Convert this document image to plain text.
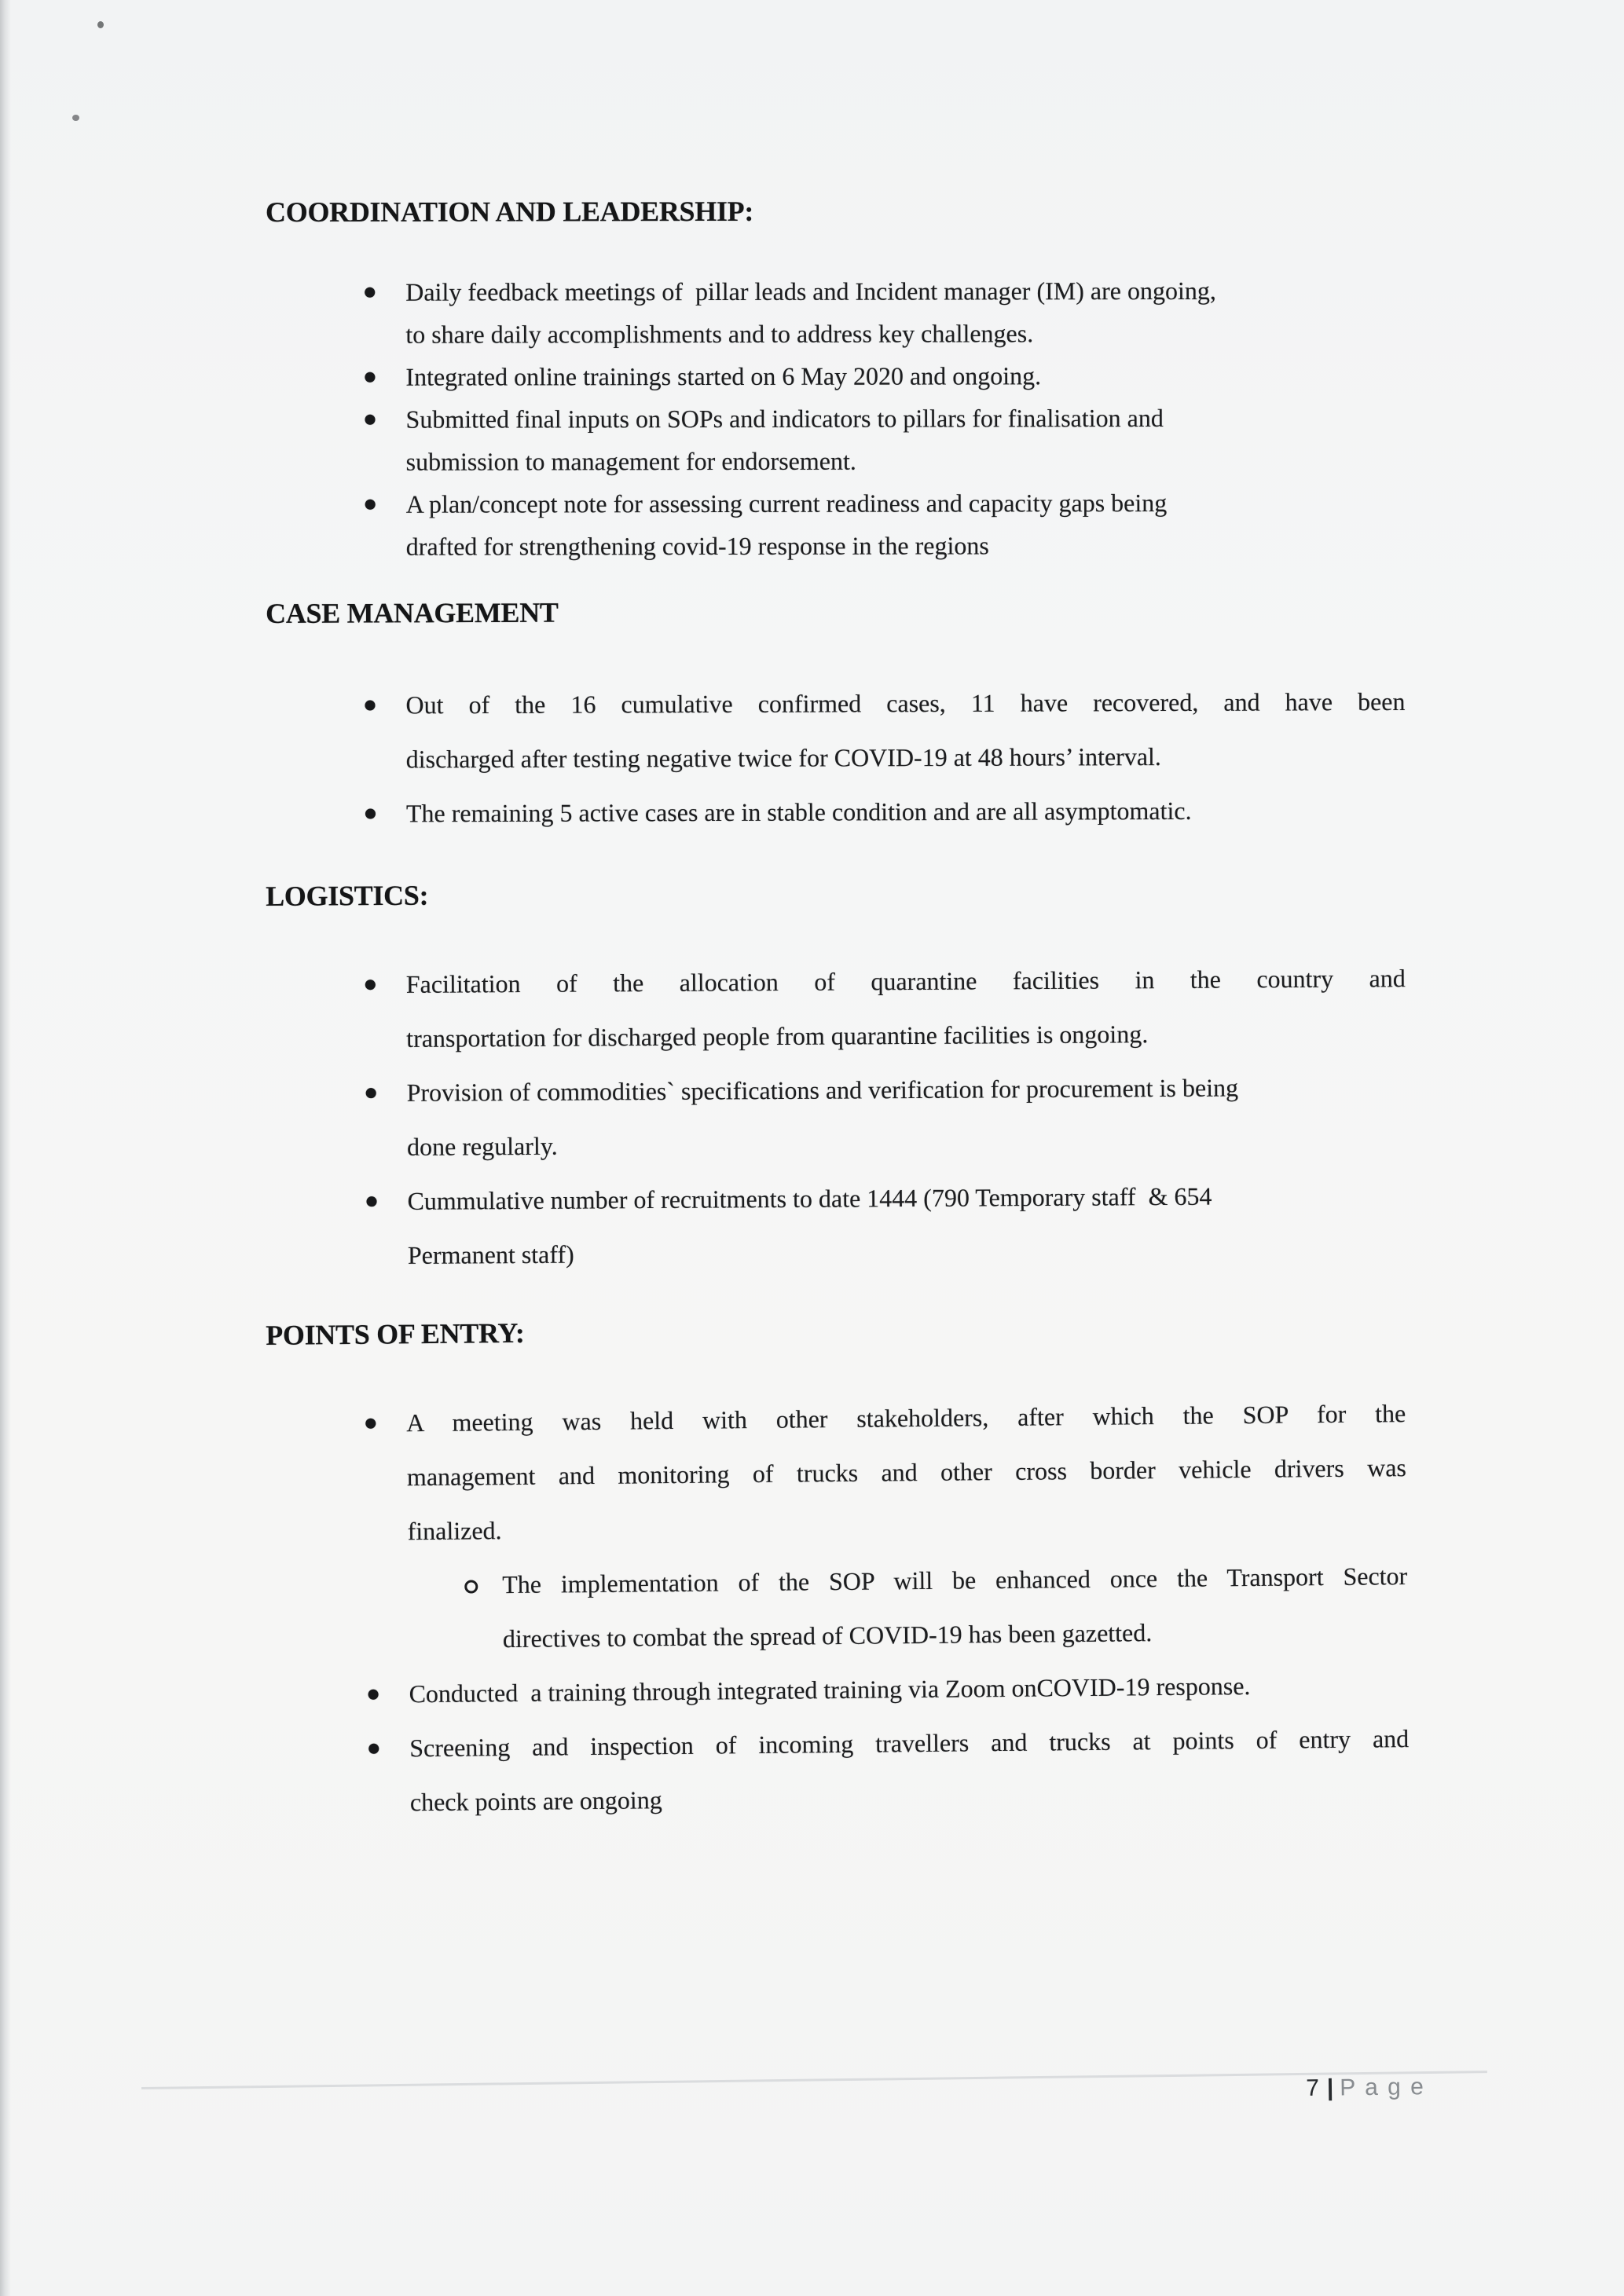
COORDINATION AND LEADERSHIP:
Daily feedback meetings of  pillar leads and Incident manager (IM) are ongoing,
to share daily accomplishments and to address key challenges.
Integrated online trainings started on 6 May 2020 and ongoing.
Submitted final inputs on SOPs and indicators to pillars for finalisation and
submission to management for endorsement.
A plan/concept note for assessing current readiness and capacity gaps being
drafted for strengthening covid-19 response in the regions
CASE MANAGEMENT
Out of the 16 cumulative confirmed cases, 11 have recovered, and have been
discharged after testing negative twice for COVID-19 at 48 hours’ interval.
The remaining 5 active cases are in stable condition and are all asymptomatic.
LOGISTICS:
Facilitation of the allocation of quarantine facilities in the country and
transportation for discharged people from quarantine facilities is ongoing.
Provision of commodities` specifications and verification for procurement is being
done regularly.
Cummulative number of recruitments to date 1444 (790 Temporary staff  & 654
Permanent staff)
POINTS OF ENTRY:
A meeting was held with other stakeholders, after which the SOP for the
management and monitoring of trucks and other cross border vehicle drivers was
finalized.
The implementation of the SOP will be enhanced once the Transport Sector
directives to combat the spread of COVID-19 has been gazetted.
Conducted  a training through integrated training via Zoom onCOVID-19 response.
Screening and inspection of incoming travellers and trucks at points of entry and
check points are ongoing
7 | P a g e
